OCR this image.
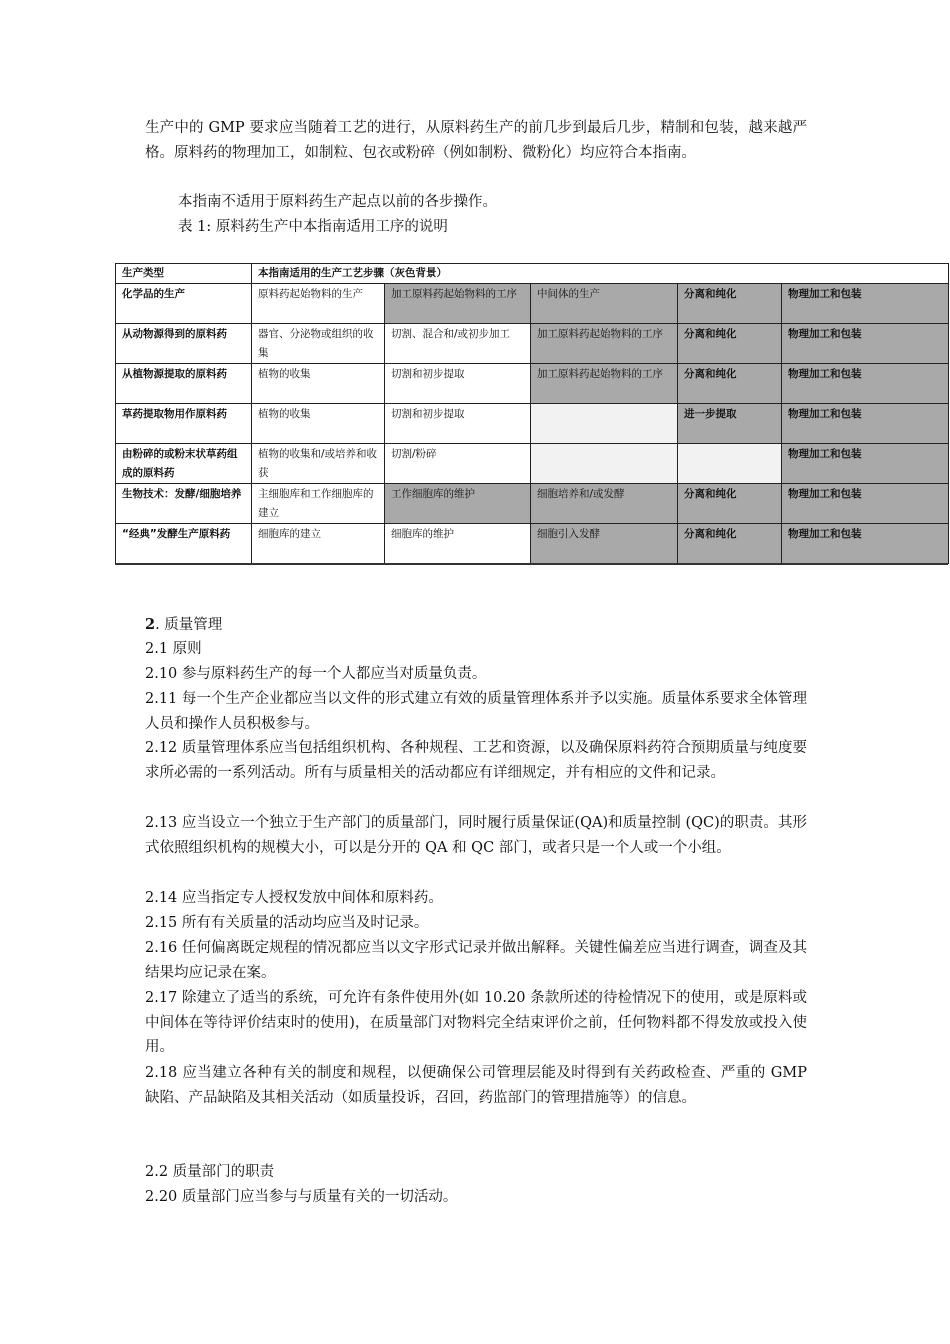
生产中的 GMP 要求应当随着工艺的进行，从原料药生产的前几步到最后几步，精制和包装，越来越严格。原料药的物理加工，如制粒、包衣或粉碎（例如制粉、微粉化）均应符合本指南。
本指南不适用于原料药生产起点以前的各步操作。
表 1: 原料药生产中本指南适用工序的说明
生产类型	本指南适用的生产工艺步骤（灰色背景）				
化学品的生产	原料药起始物料的生产	加工原料药起始物料的工序	中间体的生产	分离和纯化	物理加工和包装
从动物源得到的原料药	器官、分泌物或组织的收集	切割、混合和/或初步加工	加工原料药起始物料的工序	分离和纯化	物理加工和包装
从植物源提取的原料药	植物的收集	切割和初步提取	加工原料药起始物料的工序	分离和纯化	物理加工和包装
草药提取物用作原料药	植物的收集	切割和初步提取		进一步提取	物理加工和包装
由粉碎的或粉末状草药组成的原料药	植物的收集和/或培养和收获	切割/粉碎			物理加工和包装
生物技术：发酵/细胞培养	主细胞库和工作细胞库的建立	工作细胞库的维护	细胞培养和/或发酵	分离和纯化	物理加工和包装
“经典”发酵生产原料药	细胞库的建立	细胞库的维护	细胞引入发酵	分离和纯化	物理加工和包装
2. 质量管理
2.1 原则
2.10 参与原料药生产的每一个人都应当对质量负责。
2.11 每一个生产企业都应当以文件的形式建立有效的质量管理体系并予以实施。质量体系要求全体管理人员和操作人员积极参与。
2.12 质量管理体系应当包括组织机构、各种规程、工艺和资源，以及确保原料药符合预期质量与纯度要求所必需的一系列活动。所有与质量相关的活动都应有详细规定，并有相应的文件和记录。
2.13 应当设立一个独立于生产部门的质量部门，同时履行质量保证(QA)和质量控制 (QC)的职责。其形式依照组织机构的规模大小，可以是分开的 QA 和 QC 部门，或者只是一个人或一个小组。
2.14 应当指定专人授权发放中间体和原料药。
2.15 所有有关质量的活动均应当及时记录。
2.16 任何偏离既定规程的情况都应当以文字形式记录并做出解释。关键性偏差应当进行调查，调查及其结果均应记录在案。
2.17 除建立了适当的系统，可允许有条件使用外(如 10.20 条款所述的待检情况下的使用，或是原料或中间体在等待评价结束时的使用)，在质量部门对物料完全结束评价之前，任何物料都不得发放或投入使用。
2.18 应当建立各种有关的制度和规程，以便确保公司管理层能及时得到有关药政检查、严重的 GMP 缺陷、产品缺陷及其相关活动（如质量投诉，召回，药监部门的管理措施等）的信息。
2.2 质量部门的职责
2.20 质量部门应当参与与质量有关的一切活动。
